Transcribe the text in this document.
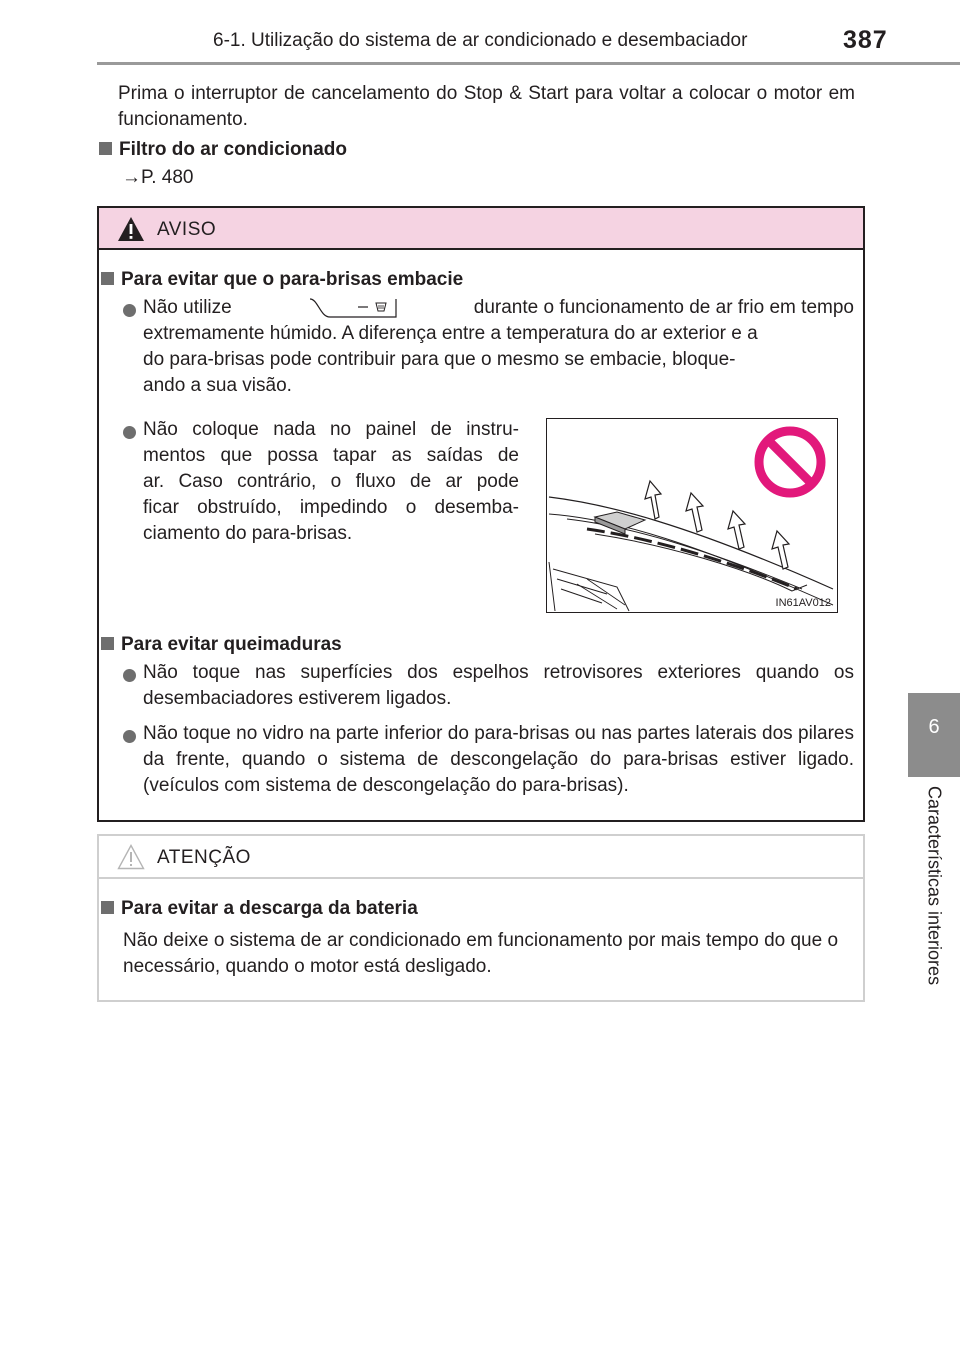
6-1. Utilização do sistema de ar condicionado e desembaciador	387
6
Características interiores

Prima o interruptor de cancelamento do Stop & Start para voltar a colocar o motor em funcionamento.

Filtro do ar condicionado
→P. 480
AVISO
Para evitar que o para-brisas embacie
Não utilize	durante o funcionamento de ar frio em tempo
extremamente húmido. A diferença entre a temperatura do ar exterior e a
do para-brisas pode contribuir para que o mesmo se embacie, bloque-
ando a sua visão.
Não coloque nada no painel de instru-
mentos que possa tapar as saídas de
ar. Caso contrário, o fluxo de ar pode
ficar obstruído, impedindo o desemba-
ciamento do para-brisas.
IN61AV012
Para evitar queimaduras

Não toque nas superfícies dos espelhos retrovisores exteriores quando os desembaciadores estiverem ligados.

Não toque no vidro na parte inferior do para-brisas ou nas partes laterais dos pilares da frente, quando o sistema de descongelação do para-brisas estiver ligado. (veículos com sistema de descongelação do para-brisas).

ATENÇÃO
Para evitar a descarga da bateria

Não deixe o sistema de ar condicionado em funcionamento por mais tempo do que o necessário, quando o motor está desligado.
